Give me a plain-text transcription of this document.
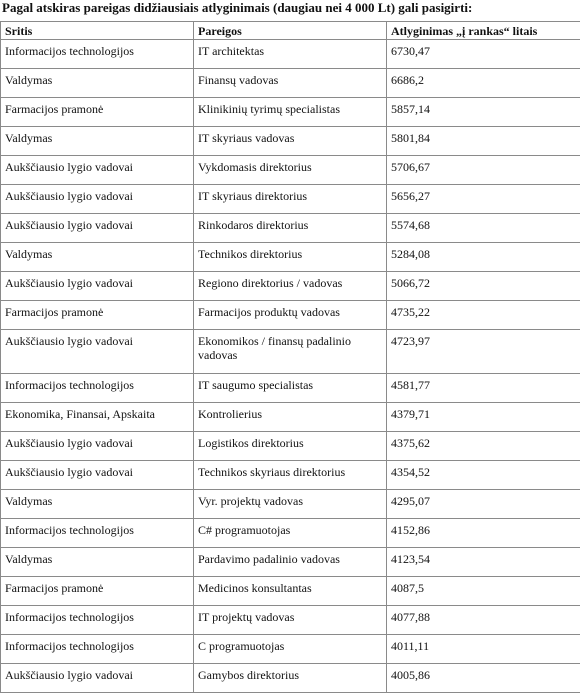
Pagal atskiras pareigas didžiausiais atlyginimais (daugiau nei 4 000 Lt) gali pasigirti:
Sritis	Pareigos	Atlyginimas „į rankas“ litais
Informacijos technologijos	IT architektas	6730,47
Valdymas	Finansų vadovas	6686,2
Farmacijos pramonė	Klinikinių tyrimų specialistas	5857,14
Valdymas	IT skyriaus vadovas	5801,84
Aukščiausio lygio vadovai	Vykdomasis direktorius	5706,67
Aukščiausio lygio vadovai	IT skyriaus direktorius	5656,27
Aukščiausio lygio vadovai	Rinkodaros direktorius	5574,68
Valdymas	Technikos direktorius	5284,08
Aukščiausio lygio vadovai	Regiono direktorius / vadovas	5066,72
Farmacijos pramonė	Farmacijos produktų vadovas	4735,22
Aukščiausio lygio vadovai	Ekonomikos / finansų padalinio vadovas	4723,97
Informacijos technologijos	IT saugumo specialistas	4581,77
Ekonomika, Finansai, Apskaita	Kontrolierius	4379,71
Aukščiausio lygio vadovai	Logistikos direktorius	4375,62
Aukščiausio lygio vadovai	Technikos skyriaus direktorius	4354,52
Valdymas	Vyr. projektų vadovas	4295,07
Informacijos technologijos	C# programuotojas	4152,86
Valdymas	Pardavimo padalinio vadovas	4123,54
Farmacijos pramonė	Medicinos konsultantas	4087,5
Informacijos technologijos	IT projektų vadovas	4077,88
Informacijos technologijos	C programuotojas	4011,11
Aukščiausio lygio vadovai	Gamybos direktorius	4005,86
